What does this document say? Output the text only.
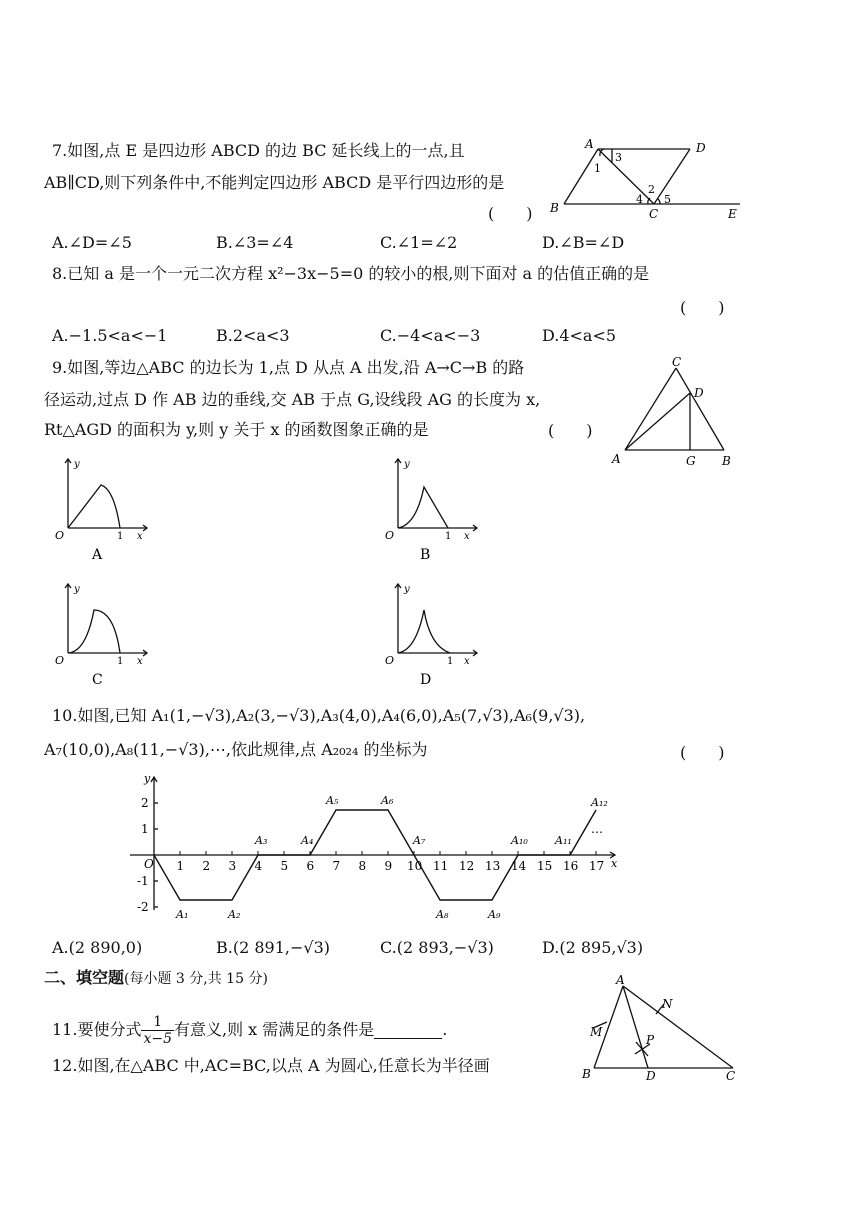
7.如图,点 E 是四边形 ABCD 的边 BC 延长线上的一点,且
AB∥CD,则下列条件中,不能判定四边形 ABCD 是平行四边形的是
(　　)
A.∠D=∠5	B.∠3=∠4	C.∠1=∠2	D.∠B=∠D
A	D
B	C	E
1
2
3
4 5
8.已知 a 是一个一元二次方程 x²−3x−5=0 的较小的根,则下面对 a 的估值正确的是
(　　)
A.−1.5<a<−1	B.2<a<3	C.−4<a<−3	D.4<a<5
9.如图,等边△ABC 的边长为 1,点 D 从点 A 出发,沿 A→C→B 的路
径运动,过点 D 作 AB 边的垂线,交 AB 于点 G,设线段 AG 的长度为 x,
Rt△AGD 的面积为 y,则 y 关于 x 的函数图象正确的是	(　　)
C
D
A	G B
y
O	1 x
A
y
O	1 x
B
y
O	1 x
C
y
O	1 x
D
10.如图,已知 A₁(1,−√3),A₂(3,−√3),A₃(4,0),A₄(6,0),A₅(7,√3),A₆(9,√3),
A₇(10,0),A₈(11,−√3),⋯,依此规律,点 A₂₀₂₄ 的坐标为	(　　)
1 2 3 4 5 6 7 8 9 10 11 12 13 14 15 16 17
y
x
O
2
1
-1
-2
A₁	A₂
A₃	A₄
A₅	A₆
A₇
A₈	A₉
A₁₀ A₁₁
A₁₂
⋯
A.(2 890,0)	B.(2 891,−√3)	C.(2 893,−√3)	D.(2 895,√3)
二、填空题(每小题 3 分,共 15 分)
11.要使分式 $\frac{1}{x-5}$ 有意义,则 x 需满足的条件是	.
12.如图,在△ABC 中,AC=BC,以点 A 为圆心,任意长为半径画
A
B	C
D
M
N
P
